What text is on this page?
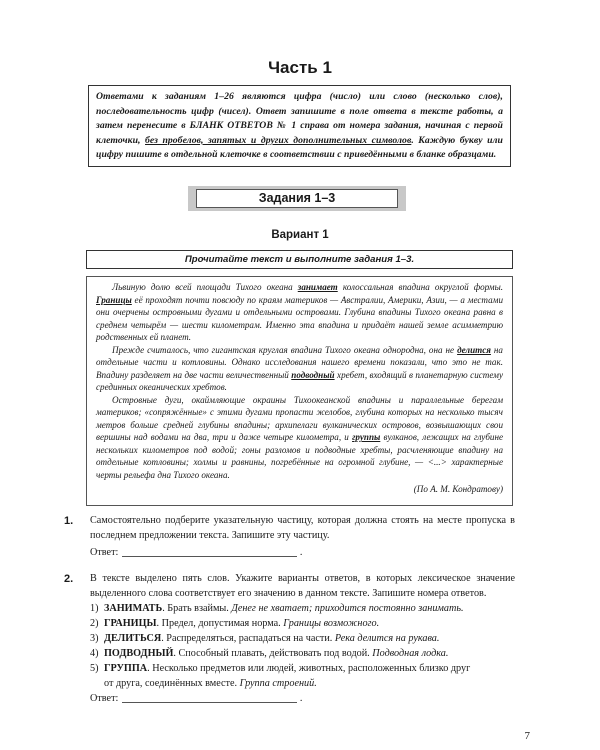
Часть 1
Ответами к заданиям 1–26 являются цифра (число) или слово (несколько слов), последовательность цифр (чисел). Ответ запишите в поле ответа в тексте работы, а затем перенесите в БЛАНК ОТВЕТОВ № 1 справа от номера задания, начиная с первой клеточки, без пробелов, запятых и других дополнительных символов. Каждую букву или цифру пишите в отдельной клеточке в соответствии с приведёнными в бланке образцами.
Задания 1–3
Вариант 1
Прочитайте текст и выполните задания 1–3.

Львиную долю всей площади Тихого океана занимает колоссальная впадина округлой формы. Границы её проходят почти повсюду по краям материков — Австралии, Америки, Азии, — а местами они очерчены островными дугами и отдельными островами. Глубина впадины Тихого океана равна в среднем четырём — шести километрам. Именно эта впадина и придаёт нашей земле асимметрию родственных ей планет.

Прежде считалось, что гигантская круглая впадина Тихого океана однородна, она не делится на отдельные части и котловины. Однако исследования нашего времени показали, что это не так. Впадину разделяет на две части величественный подводный хребет, входящий в планетарную систему срединных океанических хребтов.

Островные дуги, окаймляющие окраины Тихоокеанской впадины и параллельные берегам материков; «сопряжённые» с этими дугами пропасти желобов, глубина которых на несколько тысяч метров больше средней глубины впадины; архипелаги вулканических островов, возвышающих свои вершины над водами на два, три и даже четыре километра, и группы вулканов, лежащих на глубине нескольких километров под водой; гоны разломов и подводные хребты, расчленяющие впадину на отдельные котловины; холмы и равнины, погребённые на огромной глубине, — <...> характерные черты рельефа дна Тихого океана.

(По А. М. Кондратову)
1. Самостоятельно подберите указательную частицу, которая должна стоять на месте пропуска в последнем предложении текста. Запишите эту частицу.
Ответ:	.
2. В тексте выделено пять слов. Укажите варианты ответов, в которых лексическое значение выделенного слова соответствует его значению в данном тексте. Запишите номера ответов.
1) ЗАНИМАТЬ. Брать взаймы. Денег не хватает; приходится постоянно занимать.
2) ГРАНИЦЫ. Предел, допустимая норма. Границы возможного.
3) ДЕЛИТЬСЯ. Распределяться, распадаться на части. Река делится на рукава.
4) ПОДВОДНЫЙ. Способный плавать, действовать под водой. Подводная лодка.
5) ГРУППА. Несколько предметов или людей, животных, расположенных близко друг
от друга, соединённых вместе. Группа строений.
Ответ:	.
7
